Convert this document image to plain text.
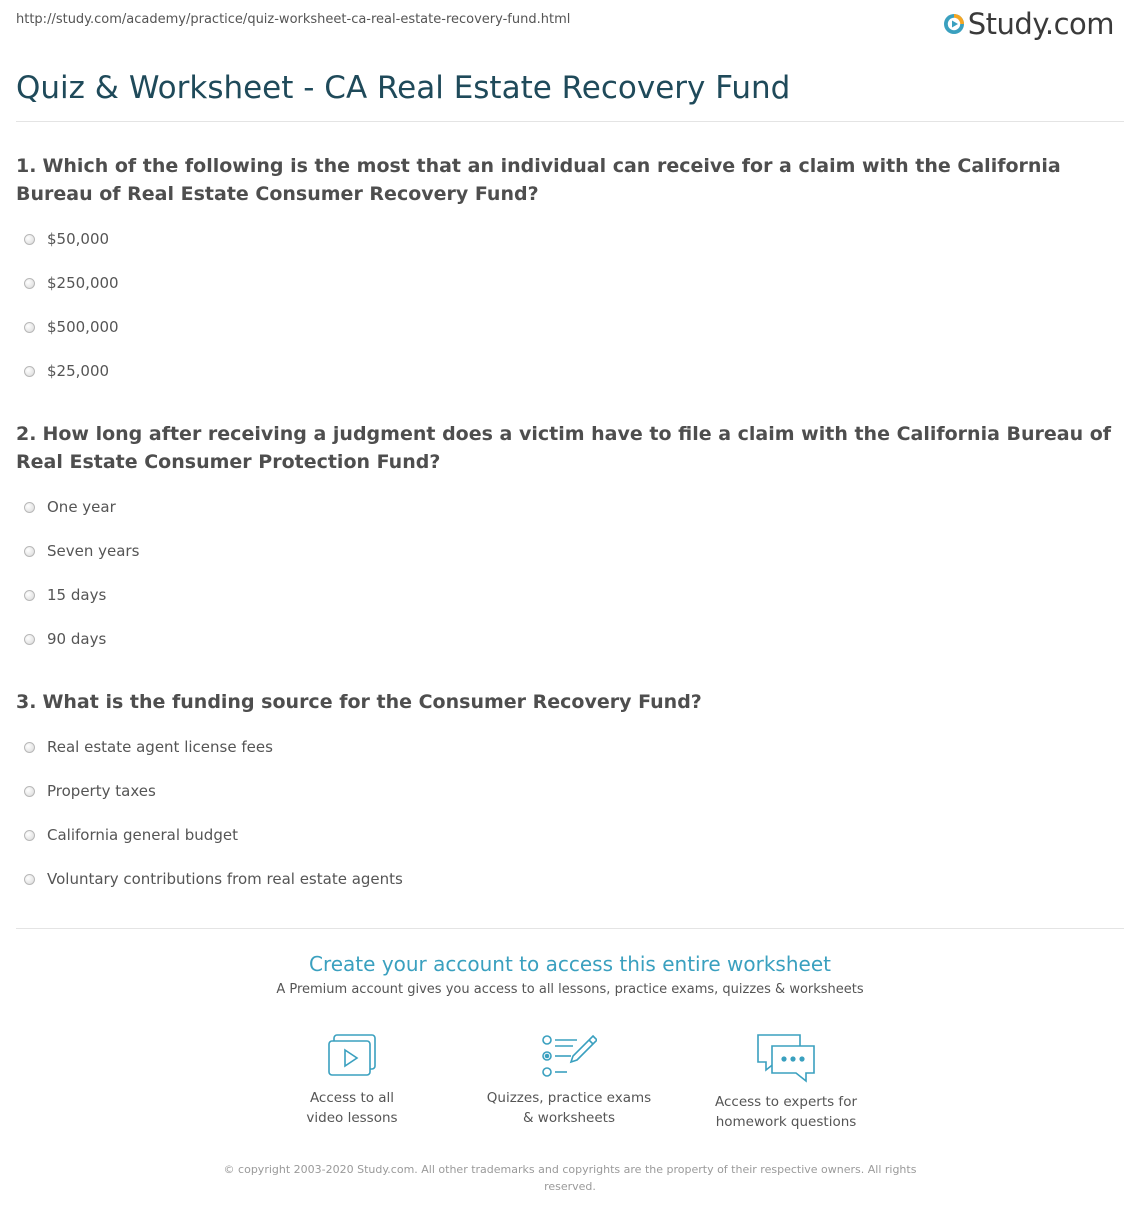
http://study.com/academy/practice/quiz-worksheet-ca-real-estate-recovery-fund.html	Study.com
Quiz & Worksheet - CA Real Estate Recovery Fund

1. Which of the following is the most that an individual can receive for a claim with the California Bureau of Real Estate Consumer Recovery Fund?

$50,000
$250,000
$500,000
$25,000

2. How long after receiving a judgment does a victim have to file a claim with the California Bureau of Real Estate Consumer Protection Fund?

One year
Seven years
15 days
90 days

3. What is the funding source for the Consumer Recovery Fund?

Real estate agent license fees
Property taxes
California general budget
Voluntary contributions from real estate agents
Create your account to access this entire worksheet
A Premium account gives you access to all lessons, practice exams, quizzes & worksheets
Access to all
video lessons
Quizzes, practice exams
& worksheets
Access to experts for
homework questions
© copyright 2003-2020 Study.com. All other trademarks and copyrights are the property of their respective owners. All rights
reserved.
